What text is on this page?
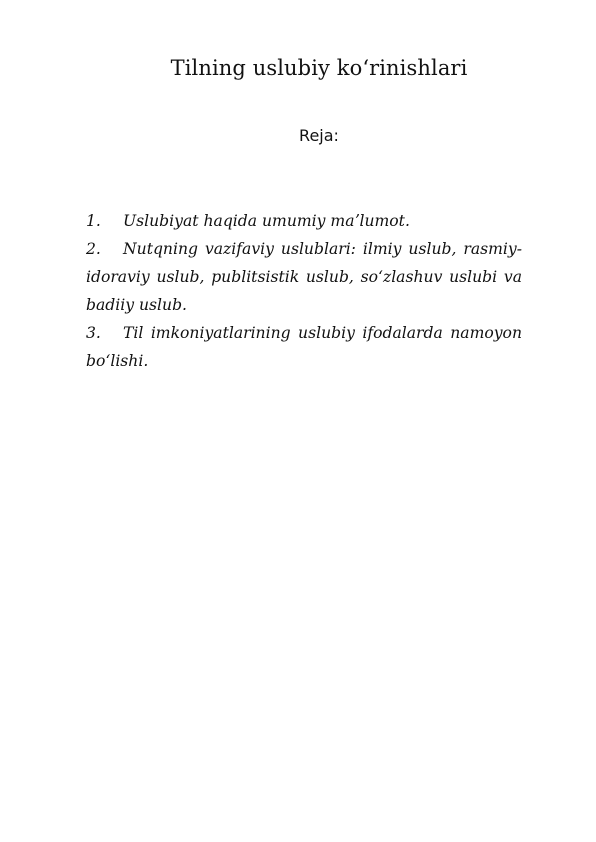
Tilning uslubiy koʻrinishlari
Reja:

1. Uslubiyat haqida umumiy maʼlumot.

2. Nutqning vazifaviy uslublari: ilmiy uslub, rasmiy-idoraviy uslub, publitsistik uslub, soʻzlashuv uslubi va badiiy uslub.

3. Til imkoniyatlarining uslubiy ifodalarda namoyon boʻlishi.
